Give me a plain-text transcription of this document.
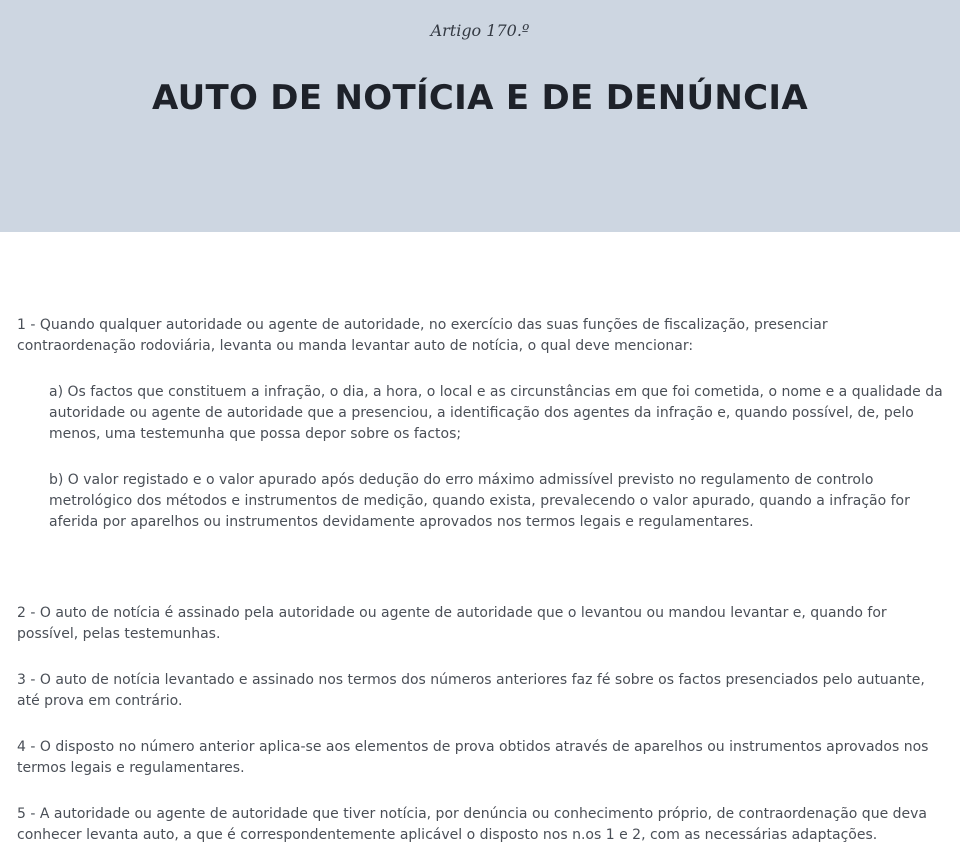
Artigo 170.º
AUTO DE NOTÍCIA E DE DENÚNCIA

1 - Quando qualquer autoridade ou agente de autoridade, no exercício das suas funções de fiscalização, presenciar contraordenação rodoviária, levanta ou manda levantar auto de notícia, o qual deve mencionar:

a) Os factos que constituem a infração, o dia, a hora, o local e as circunstâncias em que foi cometida, o nome e a qualidade da autoridade ou agente de autoridade que a presenciou, a identificação dos agentes da infração e, quando possível, de, pelo menos, uma testemunha que possa depor sobre os factos;

b) O valor registado e o valor apurado após dedução do erro máximo admissível previsto no regulamento de controlo metrológico dos métodos e instrumentos de medição, quando exista, prevalecendo o valor apurado, quando a infração for aferida por aparelhos ou instrumentos devidamente aprovados nos termos legais e regulamentares.

2 - O auto de notícia é assinado pela autoridade ou agente de autoridade que o levantou ou mandou levantar e, quando for possível, pelas testemunhas.

3 - O auto de notícia levantado e assinado nos termos dos números anteriores faz fé sobre os factos presenciados pelo autuante, até prova em contrário.

4 - O disposto no número anterior aplica-se aos elementos de prova obtidos através de aparelhos ou instrumentos aprovados nos termos legais e regulamentares.

5 - A autoridade ou agente de autoridade que tiver notícia, por denúncia ou conhecimento próprio, de contraordenação que deva conhecer levanta auto, a que é correspondentemente aplicável o disposto nos n.os 1 e 2, com as necessárias adaptações.
